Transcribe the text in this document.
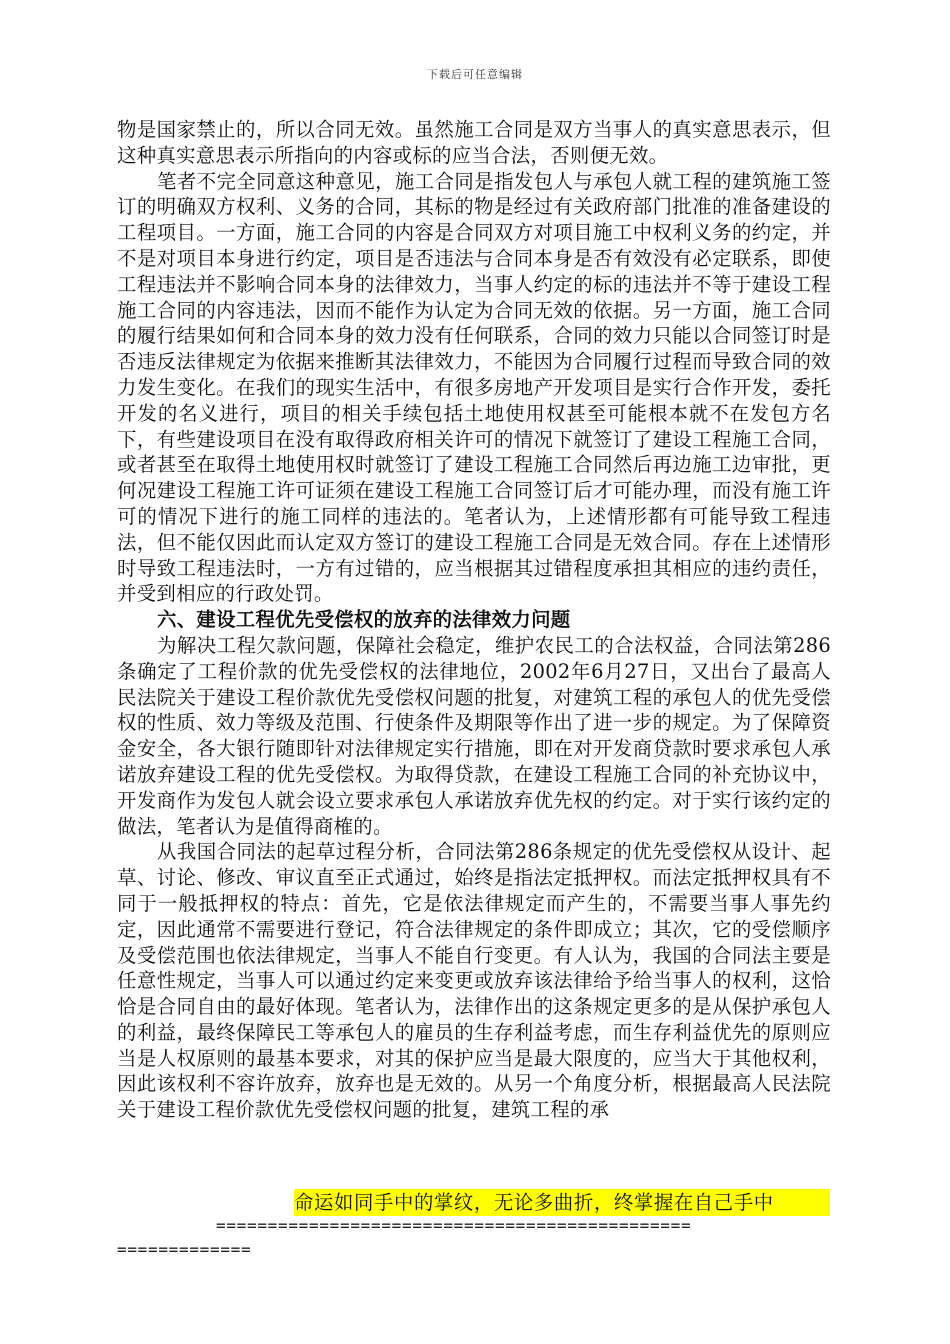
下载后可任意编辑

物是国家禁止的，所以合同无效。虽然施工合同是双方当事人的真实意思表示，但这种真实意思表示所指向的内容或标的应当合法，否则便无效。

笔者不完全同意这种意见，施工合同是指发包人与承包人就工程的建筑施工签订的明确双方权利、义务的合同，其标的物是经过有关政府部门批准的准备建设的工程项目。一方面，施工合同的内容是合同双方对项目施工中权利义务的约定，并不是对项目本身进行约定，项目是否违法与合同本身是否有效没有必定联系，即使工程违法并不影响合同本身的法律效力，当事人约定的标的违法并不等于建设工程施工合同的内容违法，因而不能作为认定为合同无效的依据。另一方面，施工合同的履行结果如何和合同本身的效力没有任何联系，合同的效力只能以合同签订时是否违反法律规定为依据来推断其法律效力，不能因为合同履行过程而导致合同的效力发生变化。在我们的现实生活中，有很多房地产开发项目是实行合作开发，委托开发的名义进行，项目的相关手续包括土地使用权甚至可能根本就不在发包方名下，有些建设项目在没有取得政府相关许可的情况下就签订了建设工程施工合同，或者甚至在取得土地使用权时就签订了建设工程施工合同然后再边施工边审批，更何况建设工程施工许可证须在建设工程施工合同签订后才可能办理，而没有施工许可的情况下进行的施工同样的违法的。笔者认为，上述情形都有可能导致工程违法，但不能仅因此而认定双方签订的建设工程施工合同是无效合同。存在上述情形时导致工程违法时，一方有过错的，应当根据其过错程度承担其相应的违约责任，并受到相应的行政处罚。

六、建设工程优先受偿权的放弃的法律效力问题

为解决工程欠款问题，保障社会稳定，维护农民工的合法权益，合同法第286条确定了工程价款的优先受偿权的法律地位，2002年6月27日，又出台了最高人民法院关于建设工程价款优先受偿权问题的批复，对建筑工程的承包人的优先受偿权的性质、效力等级及范围、行使条件及期限等作出了进一步的规定。为了保障资金安全，各大银行随即针对法律规定实行措施，即在对开发商贷款时要求承包人承诺放弃建设工程的优先受偿权。为取得贷款，在建设工程施工合同的补充协议中，开发商作为发包人就会设立要求承包人承诺放弃优先权的约定。对于实行该约定的做法，笔者认为是值得商榷的。

从我国合同法的起草过程分析，合同法第286条规定的优先受偿权从设计、起草、讨论、修改、审议直至正式通过，始终是指法定抵押权。而法定抵押权具有不同于一般抵押权的特点：首先，它是依法律规定而产生的，不需要当事人事先约定，因此通常不需要进行登记，符合法律规定的条件即成立；其次，它的受偿顺序及受偿范围也依法律规定，当事人不能自行变更。有人认为，我国的合同法主要是任意性规定，当事人可以通过约定来变更或放弃该法律给予给当事人的权利，这恰恰是合同自由的最好体现。笔者认为，法律作出的这条规定更多的是从保护承包人的利益，最终保障民工等承包人的雇员的生存利益考虑，而生存利益优先的原则应当是人权原则的最基本要求，对其的保护应当是最大限度的，应当大于其他权利，因此该权利不容许放弃，放弃也是无效的。从另一个角度分析，根据最高人民法院关于建设工程价款优先受偿权问题的批复，建筑工程的承

命运如同手中的掌纹，无论多曲折，终掌握在自己手中
==============================================
=============
